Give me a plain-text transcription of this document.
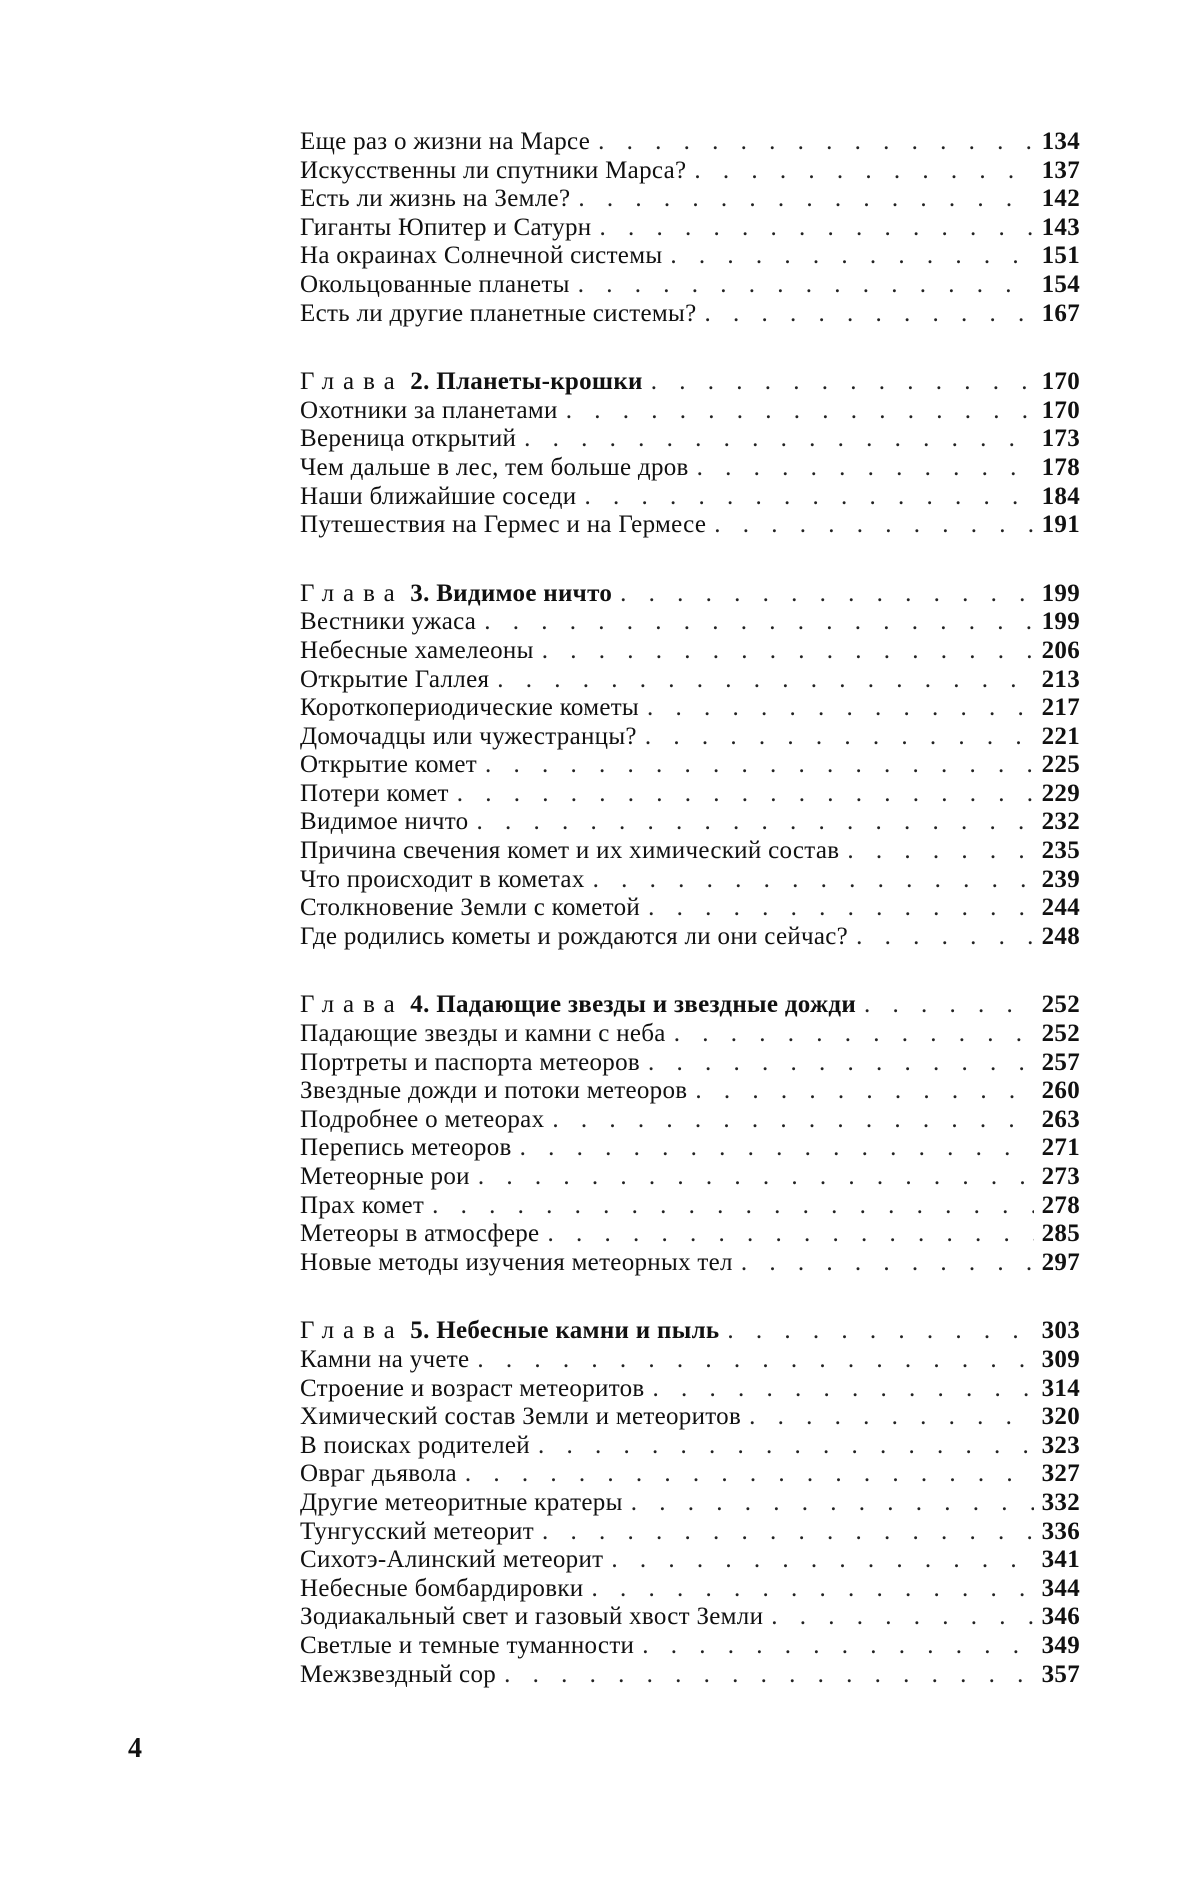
Еще раз о жизни на Марсе . . .	134
Искусственны ли спутники Марса? . . .	137
Есть ли жизнь на Земле? . . .	142
Гиганты Юпитер и Сатурн . . .	143
На окраинах Солнечной системы . . .	151
Окольцованные планеты . . .	154
Есть ли другие планетные системы? . . .	167
Глава 2. Планеты-крошки . . .	170
Охотники за планетами . . .	170
Вереница открытий . . .	173
Чем дальше в лес, тем больше дров . . .	178
Наши ближайшие соседи . . .	184
Путешествия на Гермес и на Гермесе . . .	191
Глава 3. Видимое ничто . . .	199
Вестники ужаса . . .	199
Небесные хамелеоны . . .	206
Открытие Галлея . . .	213
Короткопериодические кометы . . .	217
Домочадцы или чужестранцы? . . .	221
Открытие комет . . .	225
Потери комет . . .	229
Видимое ничто . . .	232
Причина свечения комет и их химический состав . . .	235
Что происходит в кометах . . .	239
Столкновение Земли с кометой . . .	244
Где родились кометы и рождаются ли они сейчас? . . .	248
Глава 4. Падающие звезды и звездные дожди . . .	252
Падающие звезды и камни с неба . . .	252
Портреты и паспорта метеоров . . .	257
Звездные дожди и потоки метеоров . . .	260
Подробнее о метеорах . . .	263
Перепись метеоров . . .	271
Метеорные рои . . .	273
Прах комет . . .	278
Метеоры в атмосфере . . .	285
Новые методы изучения метеорных тел . . .	297
Глава 5. Небесные камни и пыль . . .	303
Камни на учете . . .	309
Строение и возраст метеоритов . . .	314
Химический состав Земли и метеоритов . . .	320
В поисках родителей . . .	323
Овраг дьявола . . .	327
Другие метеоритные кратеры . . .	332
Тунгусский метеорит . . .	336
Сихотэ-Алинский метеорит . . .	341
Небесные бомбардировки . . .	344
Зодиакальный свет и газовый хвост Земли . . .	346
Светлые и темные туманности . . .	349
Межзвездный сор . . .	357
4
